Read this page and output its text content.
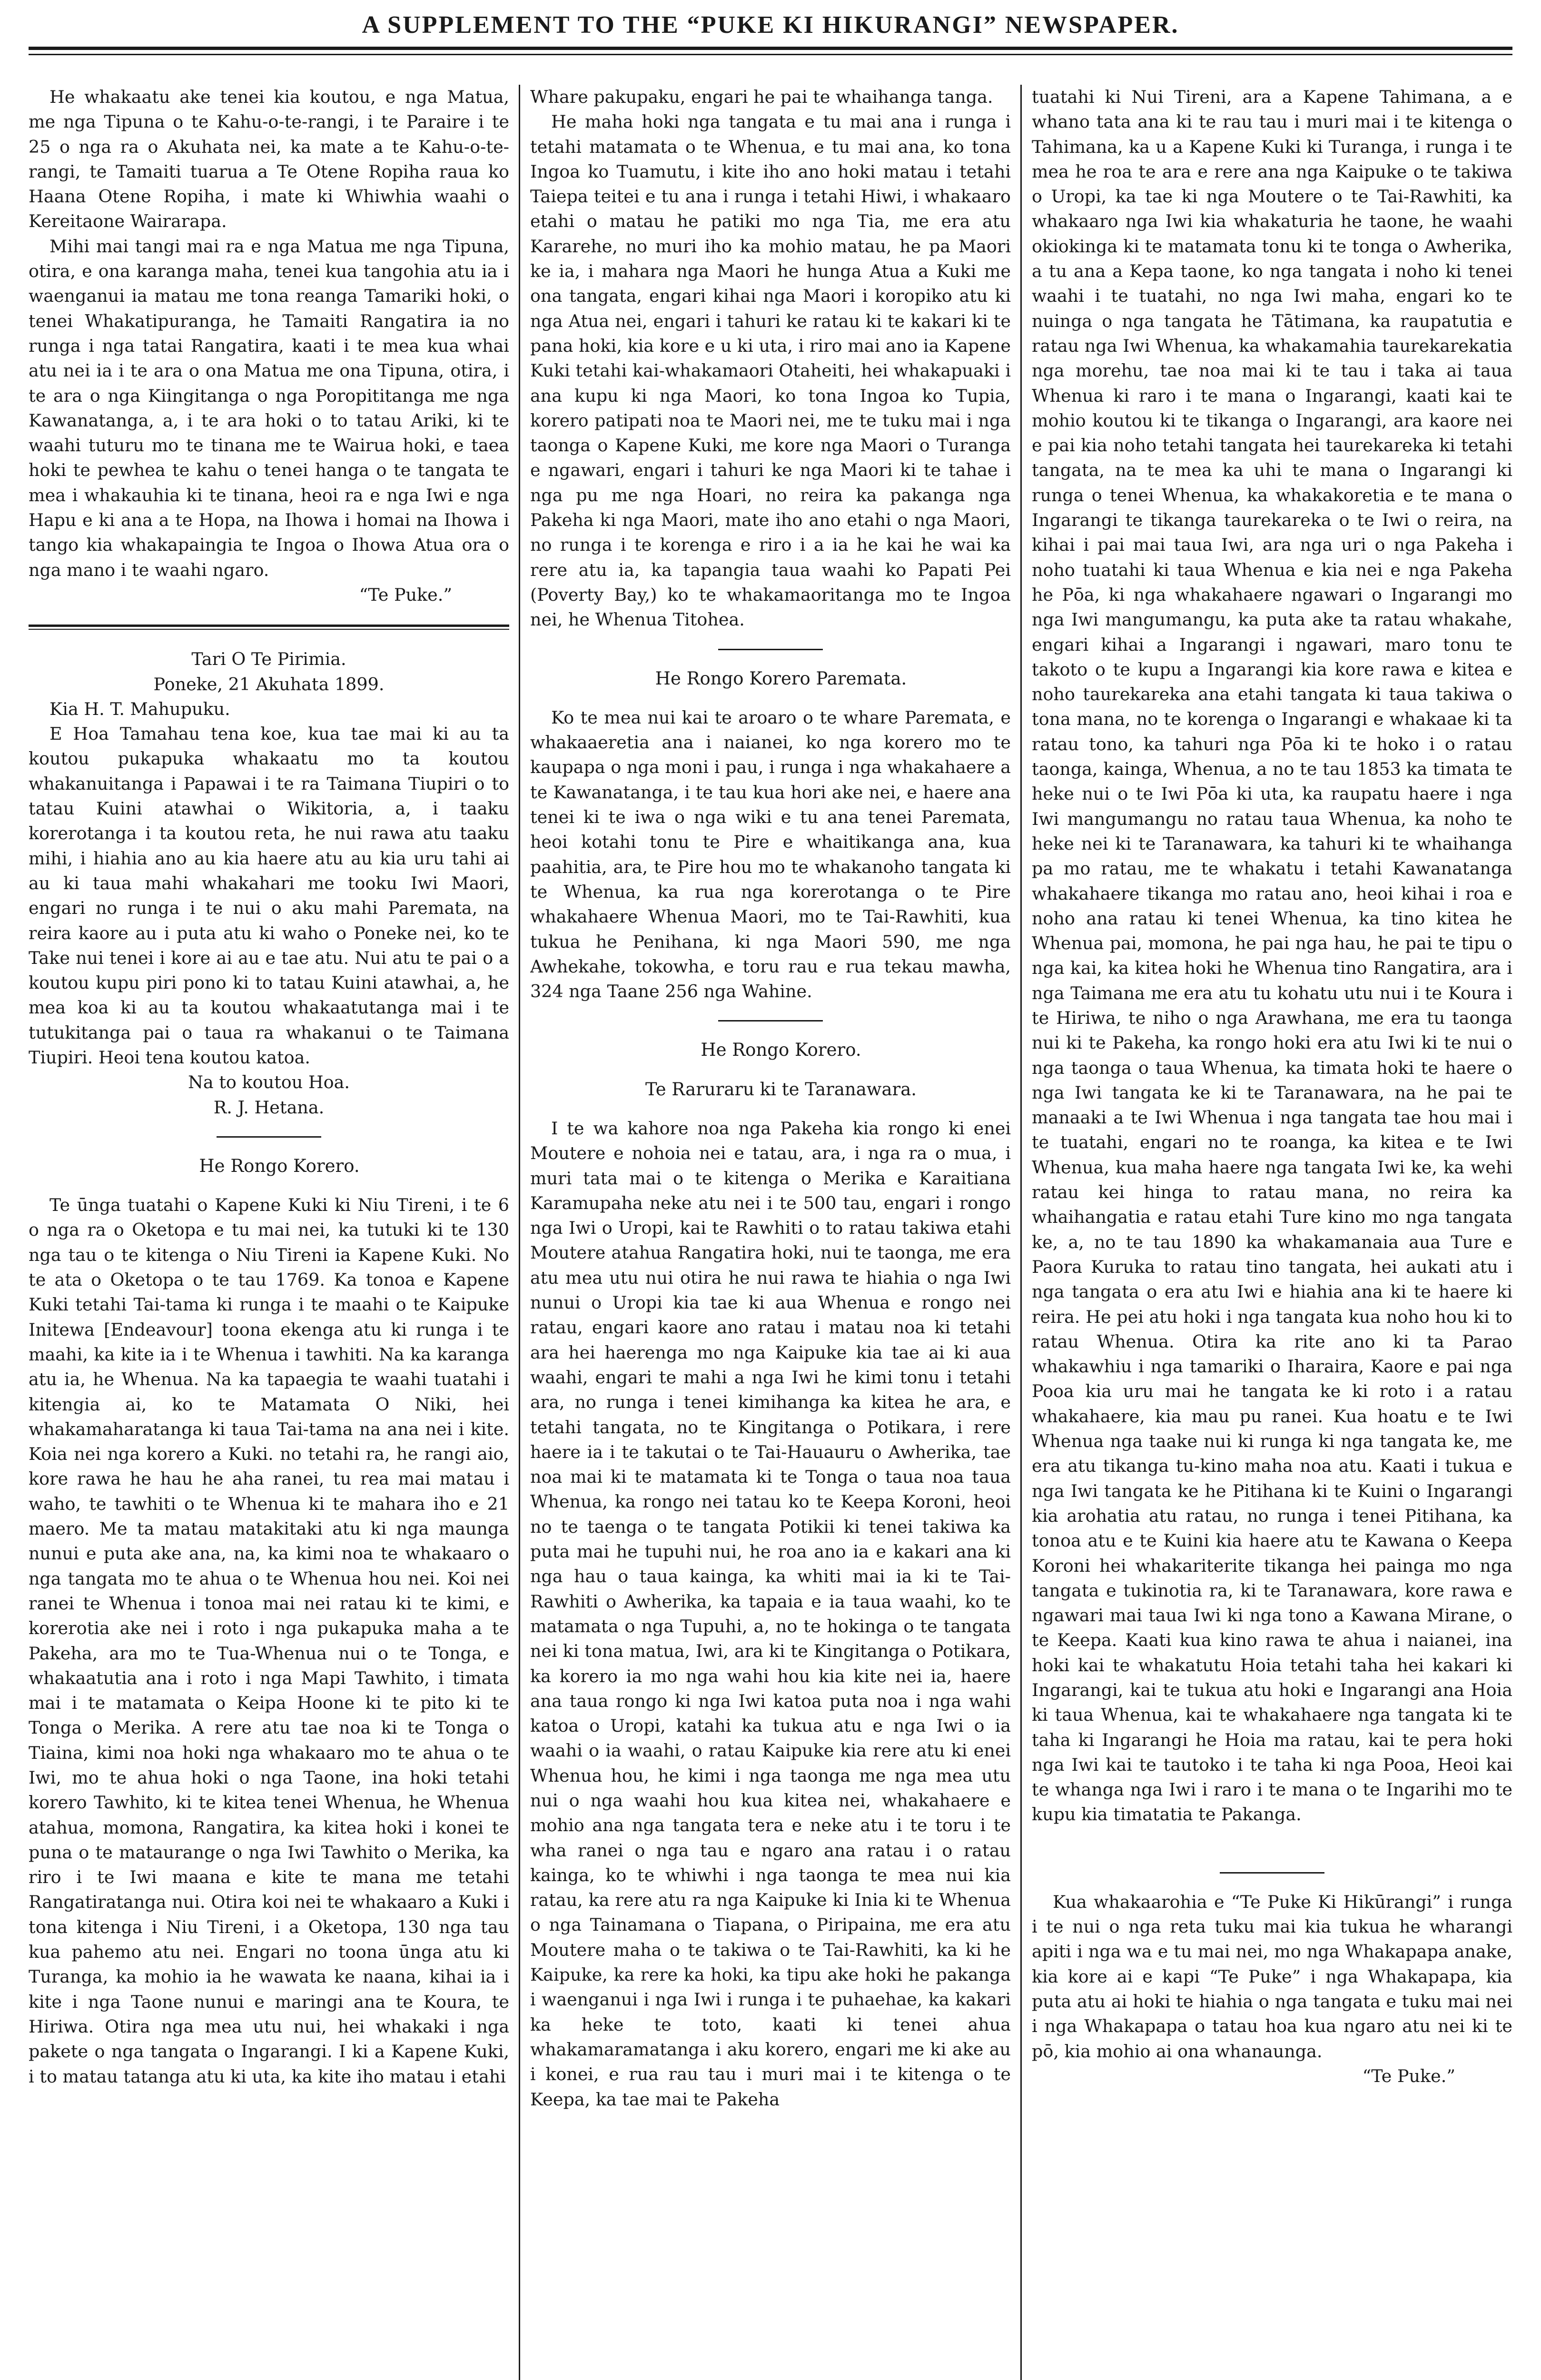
A SUPPLEMENT TO THE “PUKE KI HIKURANGI” NEWSPAPER.

He whakaatu ake tenei kia koutou, e nga Matua, me nga Tipuna o te Kahu-o-te-rangi, i te Paraire i te 25 o nga ra o Akuhata nei, ka mate a te Kahu-o-te-rangi, te Tamaiti tuarua a Te Otene Ropiha raua ko Haana Otene Ropiha, i mate ki Whiwhia waahi o Kereitaone Wairarapa.

Mihi mai tangi mai ra e nga Matua me nga Tipuna, otira, e ona karanga maha, tenei kua tangohia atu ia i waenganui ia matau me tona reanga Tamariki hoki, o tenei Whakatipuranga, he Tamaiti Rangatira ia no runga i nga tatai Rangatira, kaati i te mea kua whai atu nei ia i te ara o ona Matua me ona Tipuna, otira, i te ara o nga Kiingitanga o nga Poropititanga me nga Kawanatanga, a, i te ara hoki o to tatau Ariki, ki te waahi tuturu mo te tinana me te Wairua hoki, e taea hoki te pewhea te kahu o tenei hanga o te tangata te mea i whakauhia ki te tinana, heoi ra e nga Iwi e nga Hapu e ki ana a te Hopa, na Ihowa i homai na Ihowa i tango kia whakapaingia te Ingoa o Ihowa Atua ora o nga mano i te waahi ngaro.

“Te Puke.”

Tari O Te Pirimia.

Poneke, 21 Akuhata 1899.

Kia H. T. Mahupuku.

E Hoa Tamahau tena koe, kua tae mai ki au ta koutou pukapuka whakaatu mo ta koutou whakanuitanga i Papawai i te ra Taimana Tiupiri o to tatau Kuini atawhai o Wikitoria, a, i taaku korerotanga i ta koutou reta, he nui rawa atu taaku mihi, i hiahia ano au kia haere atu au kia uru tahi ai au ki taua mahi whakahari me tooku Iwi Maori, engari no runga i te nui o aku mahi Paremata, na reira kaore au i puta atu ki waho o Poneke nei, ko te Take nui tenei i kore ai au e tae atu. Nui atu te pai o a koutou kupu piri pono ki to tatau Kuini atawhai, a, he mea koa ki au ta koutou whakaatutanga mai i te tutukitanga pai o taua ra whakanui o te Taimana Tiupiri. Heoi tena koutou katoa.

Na to koutou Hoa.

R. J. Hetana.

He Rongo Korero.

Te ūnga tuatahi o Kapene Kuki ki Niu Tireni, i te 6 o nga ra o Oketopa e tu mai nei, ka tutuki ki te 130 nga tau o te kitenga o Niu Tireni ia Kapene Kuki. No te ata o Oketopa o te tau 1769. Ka tonoa e Kapene Kuki tetahi Tai-tama ki runga i te maahi o te Kaipuke Initewa [Endeavour] toona ekenga atu ki runga i te maahi, ka kite ia i te Whenua i tawhiti. Na ka karanga atu ia, he Whenua. Na ka tapaegia te waahi tuatahi i kitengia ai, ko te Matamata O Niki, hei whakamaharatanga ki taua Tai-tama na ana nei i kite. Koia nei nga korero a Kuki. no tetahi ra, he rangi aio, kore rawa he hau he aha ranei, tu rea mai matau i waho, te tawhiti o te Whenua ki te mahara iho e 21 maero. Me ta matau matakitaki atu ki nga maunga nunui e puta ake ana, na, ka kimi noa te whakaaro o nga tangata mo te ahua o te Whenua hou nei. Koi nei ranei te Whenua i tonoa mai nei ratau ki te kimi, e korerotia ake nei i roto i nga pukapuka maha a te Pakeha, ara mo te Tua-Whenua nui o te Tonga, e whakaatutia ana i roto i nga Mapi Tawhito, i timata mai i te matamata o Keipa Hoone ki te pito ki te Tonga o Merika. A rere atu tae noa ki te Tonga o Tiaina, kimi noa hoki nga whakaaro mo te ahua o te Iwi, mo te ahua hoki o nga Taone, ina hoki tetahi korero Tawhito, ki te kitea tenei Whenua, he Whenua atahua, momona, Rangatira, ka kitea hoki i konei te puna o te mataurange o nga Iwi Tawhito o Merika, ka riro i te Iwi maana e kite te mana me tetahi Rangatiratanga nui. Otira koi nei te whakaaro a Kuki i tona kitenga i Niu Tireni, i a Oketopa, 130 nga tau kua pahemo atu nei. Engari no toona ūnga atu ki Turanga, ka mohio ia he wawata ke naana, kihai ia i kite i nga Taone nunui e maringi ana te Koura, te Hiriwa. Otira nga mea utu nui, hei whakaki i nga pakete o nga tangata o Ingarangi. I ki a Kapene Kuki, i to matau tatanga atu ki uta, ka kite iho matau i etahi

Whare pakupaku, engari he pai te whaihanga tanga.

He maha hoki nga tangata e tu mai ana i runga i tetahi matamata o te Whenua, e tu mai ana, ko tona Ingoa ko Tuamutu, i kite iho ano hoki matau i tetahi Taiepa teitei e tu ana i runga i tetahi Hiwi, i whakaaro etahi o matau he patiki mo nga Tia, me era atu Kararehe, no muri iho ka mohio matau, he pa Maori ke ia, i mahara nga Maori he hunga Atua a Kuki me ona tangata, engari kihai nga Maori i koropiko atu ki nga Atua nei, engari i tahuri ke ratau ki te kakari ki te pana hoki, kia kore e u ki uta, i riro mai ano ia Kapene Kuki tetahi kai-whakamaori Otaheiti, hei whakapuaki i ana kupu ki nga Maori, ko tona Ingoa ko Tupia, korero patipati noa te Maori nei, me te tuku mai i nga taonga o Kapene Kuki, me kore nga Maori o Turanga e ngawari, engari i tahuri ke nga Maori ki te tahae i nga pu me nga Hoari, no reira ka pakanga nga Pakeha ki nga Maori, mate iho ano etahi o nga Maori, no runga i te korenga e riro i a ia he kai he wai ka rere atu ia, ka tapangia taua waahi ko Papati Pei (Poverty Bay,) ko te whakamaoritanga mo te Ingoa nei, he Whenua Titohea.

He Rongo Korero Paremata.

Ko te mea nui kai te aroaro o te whare Paremata, e whakaaeretia ana i naianei, ko nga korero mo te kaupapa o nga moni i pau, i runga i nga whakahaere a te Kawanatanga, i te tau kua hori ake nei, e haere ana tenei ki te iwa o nga wiki e tu ana tenei Paremata, heoi kotahi tonu te Pire e whaitikanga ana, kua paahitia, ara, te Pire hou mo te whakanoho tangata ki te Whenua, ka rua nga korerotanga o te Pire whakahaere Whenua Maori, mo te Tai-Rawhiti, kua tukua he Penihana, ki nga Maori 590, me nga Awhekahe, tokowha, e toru rau e rua tekau mawha, 324 nga Taane 256 nga Wahine.

He Rongo Korero.

Te Raruraru ki te Taranawara.

I te wa kahore noa nga Pakeha kia rongo ki enei Moutere e nohoia nei e tatau, ara, i nga ra o mua, i muri tata mai o te kitenga o Merika e Karaitiana Karamupaha neke atu nei i te 500 tau, engari i rongo nga Iwi o Uropi, kai te Rawhiti o to ratau takiwa etahi Moutere atahua Rangatira hoki, nui te taonga, me era atu mea utu nui otira he nui rawa te hiahia o nga Iwi nunui o Uropi kia tae ki aua Whenua e rongo nei ratau, engari kaore ano ratau i matau noa ki tetahi ara hei haerenga mo nga Kaipuke kia tae ai ki aua waahi, engari te mahi a nga Iwi he kimi tonu i tetahi ara, no runga i tenei kimihanga ka kitea he ara, e tetahi tangata, no te Kingitanga o Potikara, i rere haere ia i te takutai o te Tai-Hauauru o Awherika, tae noa mai ki te matamata ki te Tonga o taua noa taua Whenua, ka rongo nei tatau ko te Keepa Koroni, heoi no te taenga o te tangata Potikii ki tenei takiwa ka puta mai he tupuhi nui, he roa ano ia e kakari ana ki nga hau o taua kainga, ka whiti mai ia ki te Tai-Rawhiti o Awherika, ka tapaia e ia taua waahi, ko te matamata o nga Tupuhi, a, no te hokinga o te tangata nei ki tona matua, Iwi, ara ki te Kingitanga o Potikara, ka korero ia mo nga wahi hou kia kite nei ia, haere ana taua rongo ki nga Iwi katoa puta noa i nga wahi katoa o Uropi, katahi ka tukua atu e nga Iwi o ia waahi o ia waahi, o ratau Kaipuke kia rere atu ki enei Whenua hou, he kimi i nga taonga me nga mea utu nui o nga waahi hou kua kitea nei, whakahaere e mohio ana nga tangata tera e neke atu i te toru i te wha ranei o nga tau e ngaro ana ratau i o ratau kainga, ko te whiwhi i nga taonga te mea nui kia ratau, ka rere atu ra nga Kaipuke ki Inia ki te Whenua o nga Tainamana o Tiapana, o Piripaina, me era atu Moutere maha o te takiwa o te Tai-Rawhiti, ka ki he Kaipuke, ka rere ka hoki, ka tipu ake hoki he pakanga i waenganui i nga Iwi i runga i te puhaehae, ka kakari ka heke te toto, kaati ki tenei ahua whakamaramatanga i aku korero, engari me ki ake au i konei, e rua rau tau i muri mai i te kitenga o te Keepa, ka tae mai te Pakeha

tuatahi ki Nui Tireni, ara a Kapene Tahimana, a e whano tata ana ki te rau tau i muri mai i te kitenga o Tahimana, ka u a Kapene Kuki ki Turanga, i runga i te mea he roa te ara e rere ana nga Kaipuke o te takiwa o Uropi, ka tae ki nga Moutere o te Tai-Rawhiti, ka whakaaro nga Iwi kia whakaturia he taone, he waahi okiokinga ki te matamata tonu ki te tonga o Awherika, a tu ana a Kepa taone, ko nga tangata i noho ki tenei waahi i te tuatahi, no nga Iwi maha, engari ko te nuinga o nga tangata he Tātimana, ka raupatutia e ratau nga Iwi Whenua, ka whakamahia taurekarekatia nga morehu, tae noa mai ki te tau i taka ai taua Whenua ki raro i te mana o Ingarangi, kaati kai te mohio koutou ki te tikanga o Ingarangi, ara kaore nei e pai kia noho tetahi tangata hei taurekareka ki tetahi tangata, na te mea ka uhi te mana o Ingarangi ki runga o tenei Whenua, ka whakakoretia e te mana o Ingarangi te tikanga taurekareka o te Iwi o reira, na kihai i pai mai taua Iwi, ara nga uri o nga Pakeha i noho tuatahi ki taua Whenua e kia nei e nga Pakeha he Pōa, ki nga whakahaere ngawari o Ingarangi mo nga Iwi mangumangu, ka puta ake ta ratau whakahe, engari kihai a Ingarangi i ngawari, maro tonu te takoto o te kupu a Ingarangi kia kore rawa e kitea e noho taurekareka ana etahi tangata ki taua takiwa o tona mana, no te korenga o Ingarangi e whakaae ki ta ratau tono, ka tahuri nga Pōa ki te hoko i o ratau taonga, kainga, Whenua, a no te tau 1853 ka timata te heke nui o te Iwi Pōa ki uta, ka raupatu haere i nga Iwi mangumangu no ratau taua Whenua, ka noho te heke nei ki te Taranawara, ka tahuri ki te whaihanga pa mo ratau, me te whakatu i tetahi Kawanatanga whakahaere tikanga mo ratau ano, heoi kihai i roa e noho ana ratau ki tenei Whenua, ka tino kitea he Whenua pai, momona, he pai nga hau, he pai te tipu o nga kai, ka kitea hoki he Whenua tino Rangatira, ara i nga Taimana me era atu tu kohatu utu nui i te Koura i te Hiriwa, te niho o nga Arawhana, me era tu taonga nui ki te Pakeha, ka rongo hoki era atu Iwi ki te nui o nga taonga o taua Whenua, ka timata hoki te haere o nga Iwi tangata ke ki te Taranawara, na he pai te manaaki a te Iwi Whenua i nga tangata tae hou mai i te tuatahi, engari no te roanga, ka kitea e te Iwi Whenua, kua maha haere nga tangata Iwi ke, ka wehi ratau kei hinga to ratau mana, no reira ka whaihangatia e ratau etahi Ture kino mo nga tangata ke, a, no te tau 1890 ka whakamanaia aua Ture e Paora Kuruka to ratau tino tangata, hei aukati atu i nga tangata o era atu Iwi e hiahia ana ki te haere ki reira. He pei atu hoki i nga tangata kua noho hou ki to ratau Whenua. Otira ka rite ano ki ta Parao whakawhiu i nga tamariki o Iharaira, Kaore e pai nga Pooa kia uru mai he tangata ke ki roto i a ratau whakahaere, kia mau pu ranei. Kua hoatu e te Iwi Whenua nga taake nui ki runga ki nga tangata ke, me era atu tikanga tu-kino maha noa atu. Kaati i tukua e nga Iwi tangata ke he Pitihana ki te Kuini o Ingarangi kia arohatia atu ratau, no runga i tenei Pitihana, ka tonoa atu e te Kuini kia haere atu te Kawana o Keepa Koroni hei whakariterite tikanga hei painga mo nga tangata e tukinotia ra, ki te Taranawara, kore rawa e ngawari mai taua Iwi ki nga tono a Kawana Mirane, o te Keepa. Kaati kua kino rawa te ahua i naianei, ina hoki kai te whakatutu Hoia tetahi taha hei kakari ki Ingarangi, kai te tukua atu hoki e Ingarangi ana Hoia ki taua Whenua, kai te whakahaere nga tangata ki te taha ki Ingarangi he Hoia ma ratau, kai te pera hoki nga Iwi kai te tautoko i te taha ki nga Pooa, Heoi kai te whanga nga Iwi i raro i te mana o te Ingarihi mo te kupu kia timatatia te Pakanga.

Kua whakaarohia e “Te Puke Ki Hikūrangi” i runga i te nui o nga reta tuku mai kia tukua he wharangi apiti i nga wa e tu mai nei, mo nga Whakapapa anake, kia kore ai e kapi “Te Puke” i nga Whakapapa, kia puta atu ai hoki te hiahia o nga tangata e tuku mai nei i nga Whakapapa o tatau hoa kua ngaro atu nei ki te pō, kia mohio ai ona whanaunga.

“Te Puke.”
